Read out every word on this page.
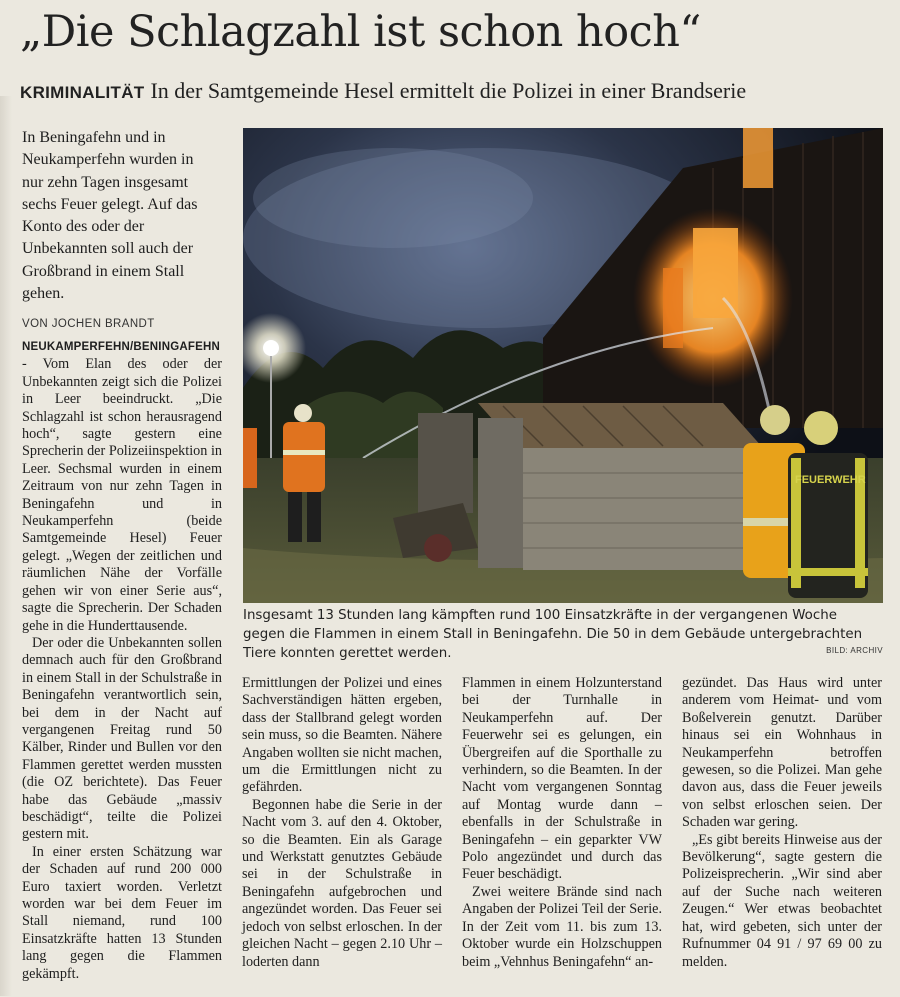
„Die Schlagzahl ist schon hoch“
KRIMINALITÄT In der Samtgemeinde Hesel ermittelt die Polizei in einer Brandserie
In Beningafehn und in Neukamperfehn wurden in nur zehn Tagen insgesamt sechs Feuer gelegt. Auf das Konto des oder der Unbekannten soll auch der Großbrand in einem Stall gehen.
VON JOCHEN BRANDT

NEUKAMPERFEHN/BENINGAFEHN - Vom Elan des oder der Unbekannten zeigt sich die Polizei in Leer beeindruckt. „Die Schlagzahl ist schon herausragend hoch“, sagte gestern eine Sprecherin der Polizeiinspektion in Leer. Sechsmal wurden in einem Zeitraum von nur zehn Tagen in Beningafehn und in Neukamperfehn (beide Samtgemeinde Hesel) Feuer gelegt. „Wegen der zeitlichen und räumlichen Nähe der Vorfälle gehen wir von einer Serie aus“, sagte die Sprecherin. Der Schaden gehe in die Hunderttausende.

Der oder die Unbekannten sollen demnach auch für den Großbrand in einem Stall in der Schulstraße in Beningafehn verantwortlich sein, bei dem in der Nacht auf vergangenen Freitag rund 50 Kälber, Rinder und Bullen vor den Flammen gerettet werden mussten (die OZ berichtete). Das Feuer habe das Gebäude „massiv beschädigt“, teilte die Polizei gestern mit.

In einer ersten Schätzung war der Schaden auf rund 200 000 Euro taxiert worden. Verletzt worden war bei dem Feuer im Stall niemand, rund 100 Einsatzkräfte hatten 13 Stunden lang gegen die Flammen gekämpft.

FEUERWEHR
Insgesamt 13 Stunden lang kämpften rund 100 Einsatzkräfte in der vergangenen Woche gegen die Flammen in einem Stall in Beningafehn. Die 50 in dem Gebäude untergebrachten Tiere konnten gerettet werden.	BILD: ARCHIV

Ermittlungen der Polizei und eines Sachverständigen hätten ergeben, dass der Stallbrand gelegt worden sein muss, so die Beamten. Nähere Angaben wollten sie nicht machen, um die Ermittlungen nicht zu gefährden.

Begonnen habe die Serie in der Nacht vom 3. auf den 4. Oktober, so die Beamten. Ein als Garage und Werkstatt genutztes Gebäude sei in der Schulstraße in Beningafehn aufgebrochen und angezündet worden. Das Feuer sei jedoch von selbst erloschen. In der gleichen Nacht – gegen 2.10 Uhr – loderten dann

Flammen in einem Holzunterstand bei der Turnhalle in Neukamperfehn auf. Der Feuerwehr sei es gelungen, ein Übergreifen auf die Sporthalle zu verhindern, so die Beamten. In der Nacht vom vergangenen Sonntag auf Montag wurde dann – ebenfalls in der Schulstraße in Beningafehn – ein geparkter VW Polo angezündet und durch das Feuer beschädigt.

Zwei weitere Brände sind nach Angaben der Polizei Teil der Serie. In der Zeit vom 11. bis zum 13. Oktober wurde ein Holzschuppen beim „Vehnhus Beningafehn“ an-

gezündet. Das Haus wird unter anderem vom Heimat- und vom Boßelverein genutzt. Darüber hinaus sei ein Wohnhaus in Neukamperfehn betroffen gewesen, so die Polizei. Man gehe davon aus, dass die Feuer jeweils von selbst erloschen seien. Der Schaden war gering.

„Es gibt bereits Hinweise aus der Bevölkerung“, sagte gestern die Polizeisprecherin. „Wir sind aber auf der Suche nach weiteren Zeugen.“ Wer etwas beobachtet hat, wird gebeten, sich unter der Rufnummer 04 91 / 97 69 00 zu melden.
